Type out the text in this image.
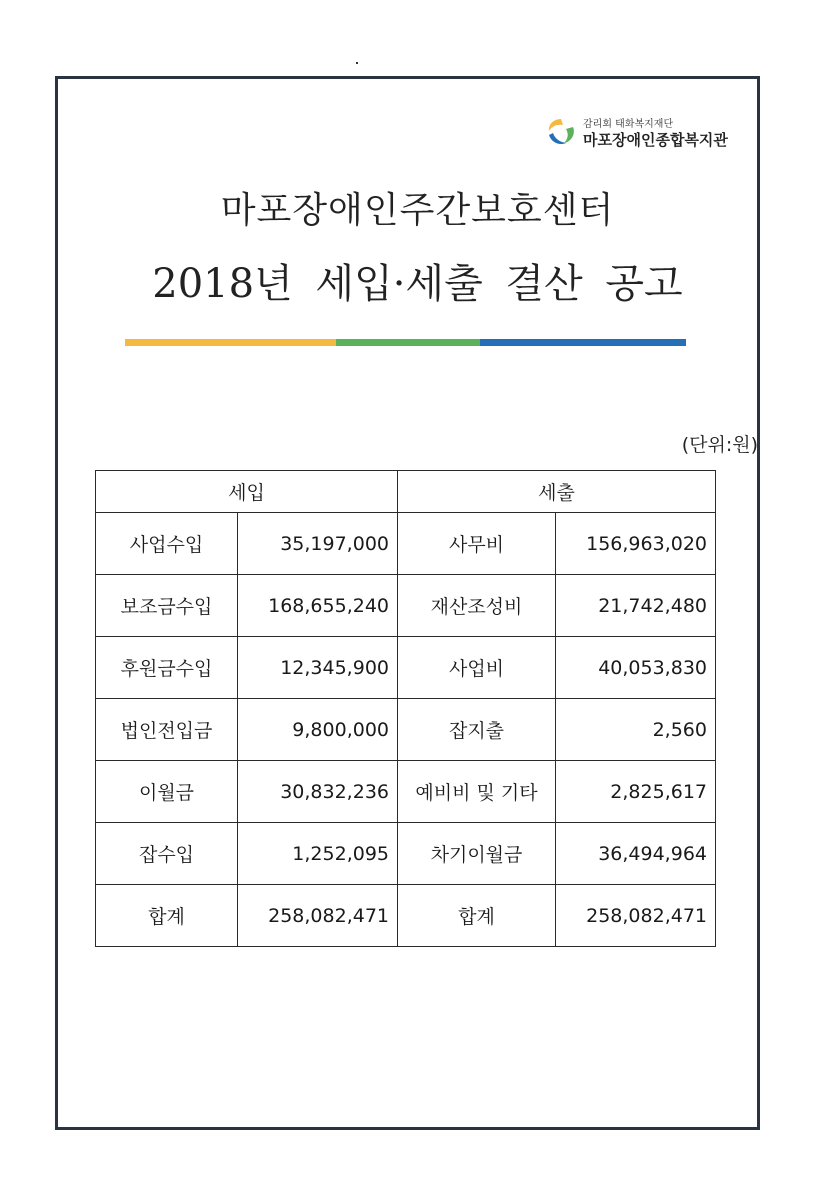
감리회 태화복지재단
마포장애인종합복지관
마포장애인주간보호센터
2018년 세입·세출 결산 공고
(단위:원)
세입		세출	
사업수입	35,197,000	사무비	156,963,020
보조금수입	168,655,240	재산조성비	21,742,480
후원금수입	12,345,900	사업비	40,053,830
법인전입금	9,800,000	잡지출	2,560
이월금	30,832,236	예비비 및 기타	2,825,617
잡수입	1,252,095	차기이월금	36,494,964
합계	258,082,471	합계	258,082,471
